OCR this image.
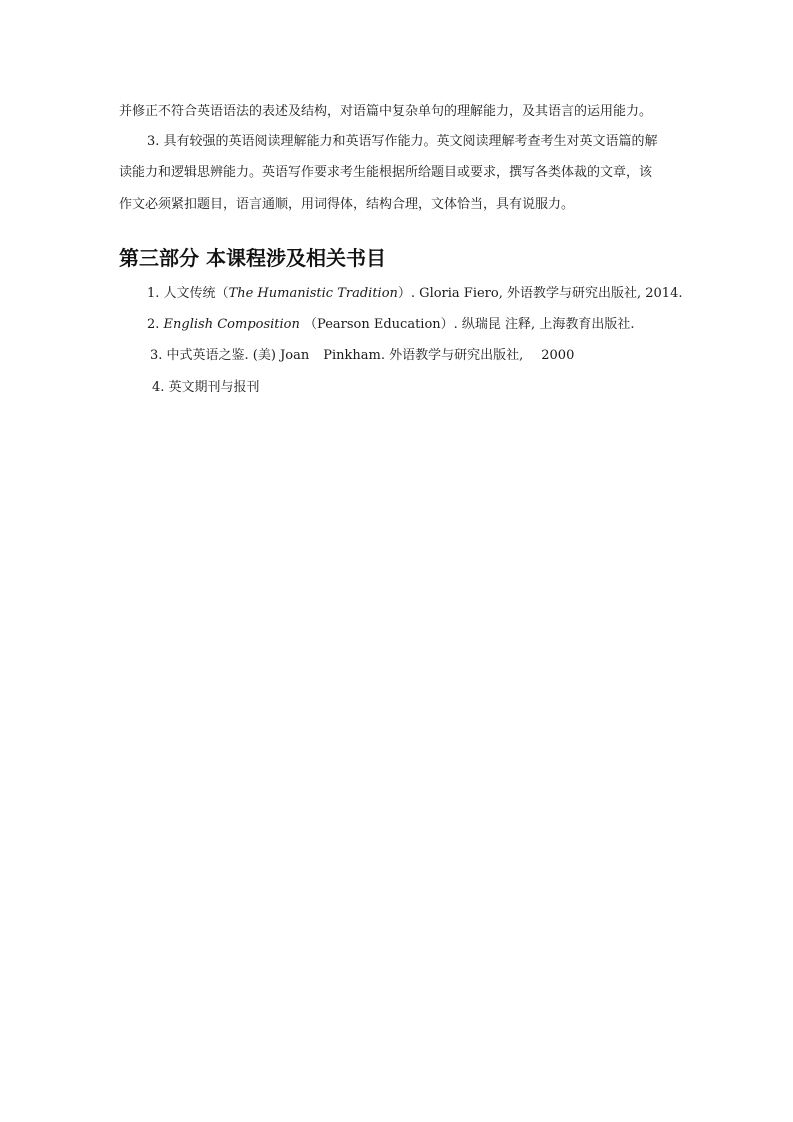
并修正不符合英语语法的表述及结构，对语篇中复杂单句的理解能力，及其语言的运用能力。
3. 具有较强的英语阅读理解能力和英语写作能力。英文阅读理解考查考生对英文语篇的解
读能力和逻辑思辨能力。英语写作要求考生能根据所给题目或要求，撰写各类体裁的文章，该
作文必须紧扣题目，语言通顺，用词得体，结构合理，文体恰当，具有说服力。
第三部分 本课程涉及相关书目
1. 人文传统（The Humanistic Tradition）. Gloria Fiero, 外语教学与研究出版社, 2014.
2. English Composition （Pearson Education）. 纵瑞昆 注释, 上海教育出版社.
3. 中式英语之鉴. (美) Joan Pinkham. 外语教学与研究出版社, 2000
4. 英文期刊与报刊
